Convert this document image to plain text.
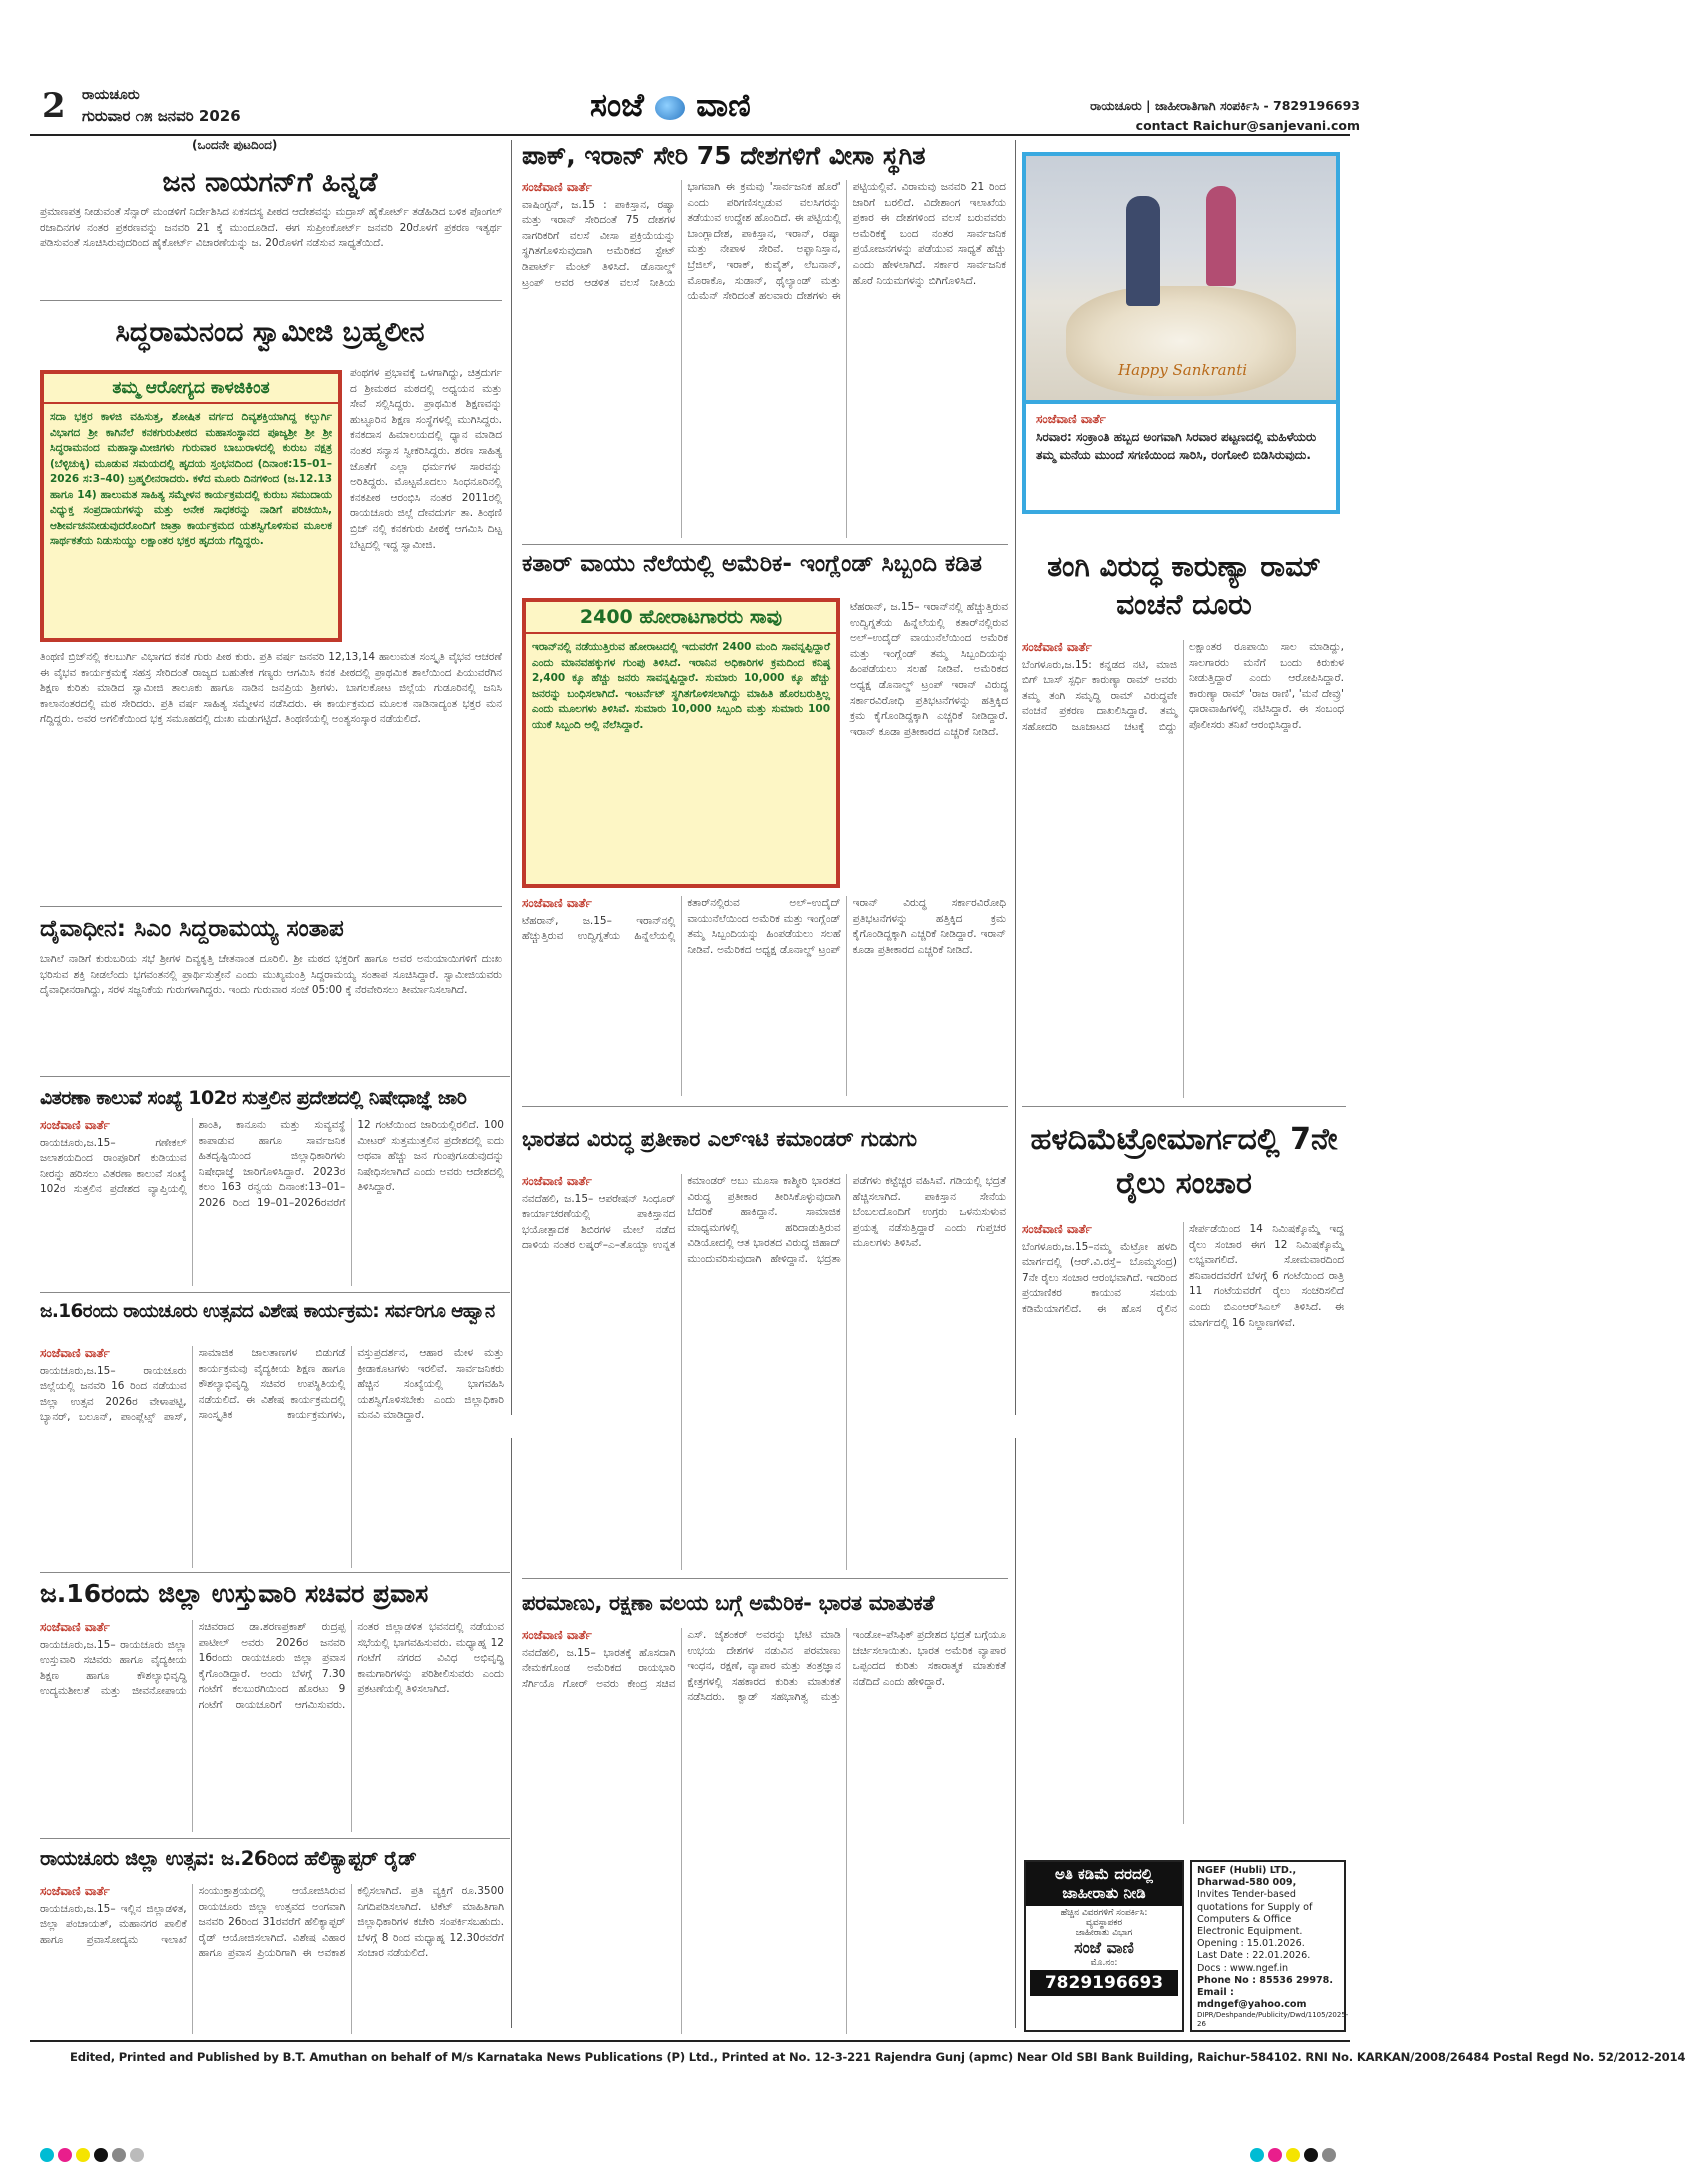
2 ರಾಯಚೂರು
ಗುರುವಾರ ೧೫ ಜನವರಿ 2026	ಸಂಜೆ ವಾಣಿ	ರಾಯಚೂರು | ಜಾಹೀರಾತಿಗಾಗಿ ಸಂಪರ್ಕಿಸಿ - 7829196693
contact Raichur@sanjevani.com
(ಒಂದನೇ ಪುಟದಿಂದ)
ಜನ ನಾಯಗನ್‌ಗೆ ಹಿನ್ನಡೆ
ಪ್ರಮಾಣಪತ್ರ ನೀಡುವಂತೆ ಸೆನ್ಸಾರ್ ಮಂಡಳಿಗೆ ನಿರ್ದೇಶಿಸಿದ ಏಕಸದಸ್ಯ ಪೀಠದ ಆದೇಶವನ್ನು ಮದ್ರಾಸ್ ಹೈಕೋರ್ಟ್ ತಡೆಹಿಡಿದ ಬಳಿಕ ಪೊಂಗಲ್ ರಜಾದಿನಗಳ ನಂತರ ಪ್ರಕರಣವನ್ನು ಜನವರಿ 21 ಕ್ಕೆ ಮುಂದೂಡಿದೆ. ಈಗ ಸುಪ್ರೀಂಕೋರ್ಟ್ ಜನವರಿ 20ರೊಳಗೆ ಪ್ರಕರಣ ಇತ್ಯರ್ಥ ಪಡಿಸುವಂತೆ ಸೂಚಿಸಿರುವುದರಿಂದ ಹೈಕೋರ್ಟ್ ವಿಚಾರಣೆಯನ್ನು ಜ. 20ರೊಳಗೆ ನಡೆಸುವ ಸಾಧ್ಯತೆಯಿದೆ.
ಸಿದ್ಧರಾಮನಂದ ಸ್ವಾಮೀಜಿ ಬ್ರಹ್ಮಲೀನ
ತಮ್ಮ ಆರೋಗ್ಯದ ಕಾಳಜಿಕಿಂತ
ಸದಾ ಭಕ್ತರ ಕಾಳಜಿ ವಹಿಸುತ್ತ, ಶೋಷಿತ ವರ್ಗದ ದಿವ್ಯಶಕ್ತಿಯಾಗಿದ್ದ ಕಲ್ಬುರ್ಗಿ ವಿಭಾಗದ ಶ್ರೀ ಕಾಗಿನೆಲೆ ಕನಕಗುರುಪೀಠದ ಮಹಾಸಂಸ್ಥಾನದ ಪೂಜ್ಯಶ್ರೀ ಶ್ರೀ ಶ್ರೀ ಸಿದ್ಧರಾಮನಂದ ಮಹಾಸ್ವಾಮೀಜಿಗಳು ಗುರುವಾರ ಬಾಬುರಾಳದಲ್ಲಿ ಕುರುಬ ನಕ್ಷತ್ರ (ಬೆಳ್ಳಿಚುಕ್ಕಿ) ಮೂಡುವ ಸಮಯದಲ್ಲಿ ಹೃದಯ ಸ್ತಂಭನದಿಂದ (ದಿನಾಂಕ:15–01–2026 ಸ:3–40) ಬ್ರಹ್ಮಲೀನರಾದರು. ಕಳೆದ ಮೂರು ದಿನಗಳಿಂದ (ಜ.12.13 ಹಾಗೂ 14) ಹಾಲುಮತ ಸಾಹಿತ್ಯ ಸಮ್ಮೇಳನ ಕಾರ್ಯಕ್ರಮದಲ್ಲಿ ಕುರುಬ ಸಮುದಾಯ ವಿಧ್ಯುಕ್ತ ಸಂಪ್ರದಾಯಗಳನ್ನು ಮತ್ತು ಅನೇಕ ಸಾಧಕರನ್ನು ನಾಡಿಗೆ ಪರಿಚಯಿಸಿ, ಆಶೀರ್ವಚನನೀಡುವುದರೊಂದಿಗೆ ಜಾತ್ರಾ ಕಾರ್ಯಕ್ರಮದ ಯಶಸ್ವಿಗೊಳಿಸುವ ಮೂಲಕ ಸಾರ್ಥಕತೆಯ ನಿಡುಸುಯ್ದು ಲಕ್ಷಾಂತರ ಭಕ್ತರ ಹೃದಯ ಗೆದ್ದಿದ್ದರು.
ಪಂಥಗಳ ಪ್ರಭಾವಕ್ಕೆ ಒಳಗಾಗಿದ್ದು, ಚಿತ್ರದುರ್ಗ ದ ಶ್ರೀಮಠದ ಮಠದಲ್ಲಿ ಅಧ್ಯಯನ ಮತ್ತು ಸೇವೆ ಸಲ್ಲಿಸಿದ್ದರು. ಪ್ರಾಥಮಿಕ ಶಿಕ್ಷಣವನ್ನು ಹುಟ್ಟೂರಿನ ಶಿಕ್ಷಣ ಸಂಸ್ಥೆಗಳಲ್ಲಿ ಮುಗಿಸಿದ್ದರು. ಕನಕದಾಸ ಹಿಮಾಲಯದಲ್ಲಿ ಧ್ಯಾನ ಮಾಡಿದ ನಂತರ ಸನ್ಯಾಸ ಸ್ವೀಕರಿಸಿದ್ದರು. ಶರಣ ಸಾಹಿತ್ಯ ಜೊತೆಗೆ ಎಲ್ಲಾ ಧರ್ಮಗಳ ಸಾರವನ್ನು ಅರಿತಿದ್ದರು. ಮೊಟ್ಟಮೊದಲು ಸಿಂಧನೂರಿನಲ್ಲಿ ಕನಕಪೀಠ ಆರಂಭಿಸಿ ನಂತರ 2011ರಲ್ಲಿ ರಾಯಚೂರು ಜಿಲ್ಲೆ ದೇವದುರ್ಗ ತಾ. ತಿಂಥಣಿ ಬ್ರಿಜ್ ನಲ್ಲಿ ಕನಕಗುರು ಪೀಠಕ್ಕೆ ಆಗಮಿಸಿ ದಿಟ್ಟ ಬೆಟ್ಟದಲ್ಲಿ ಇದ್ದ ಸ್ವಾಮೀಜಿ.
ತಿಂಥಣಿ ಬ್ರಿಜ್‌ನಲ್ಲಿ ಕಲಬುರ್ಗಿ ವಿಭಾಗದ ಕನಕ ಗುರು ಪೀಠ ಕುರು. ಪ್ರತಿ ವರ್ಷ ಜನವರಿ 12,13,14 ಹಾಲುಮತ ಸಂಸ್ಕೃತಿ ವೈಭವ ಆಚರಣೆ ಈ ವೈಭವ ಕಾರ್ಯಕ್ರಮಕ್ಕೆ ಸಹಸ್ರ ಸೇರಿದಂತೆ ರಾಜ್ಯದ ಬಹುತೇಕ ಗಣ್ಯರು ಆಗಮಿಸಿ ಕನಕ ಪೀಠದಲ್ಲಿ ಪ್ರಾಥಮಿಕ ಶಾಲೆಯಿಂದ ಪಿಯುವರೆಗಿನ ಶಿಕ್ಷಣ ಕುರಿತು ಮಾಡಿದ ಸ್ವಾಮೀಜಿ ತಾಲೂಕು ಹಾಗೂ ನಾಡಿನ ಜನಪ್ರಿಯ ಶ್ರೀಗಳು. ಬಾಗಲಕೋಟ ಜಿಲ್ಲೆಯ ಗುಡೂರಿನಲ್ಲಿ ಜನಿಸಿ ಕಾಲಾನಂತರದಲ್ಲಿ ಮಠ ಸೇರಿದರು. ಪ್ರತಿ ವರ್ಷ ಸಾಹಿತ್ಯ ಸಮ್ಮೇಳನ ನಡೆಸಿದರು. ಈ ಕಾರ್ಯಕ್ರಮದ ಮೂಲಕ ನಾಡಿನಾದ್ಯಂತ ಭಕ್ತರ ಮನ ಗೆದ್ದಿದ್ದರು. ಅವರ ಅಗಲಿಕೆಯಿಂದ ಭಕ್ತ ಸಮೂಹದಲ್ಲಿ ದುಃಖ ಮಡುಗಟ್ಟಿದೆ. ತಿಂಥಣಿಯಲ್ಲಿ ಅಂತ್ಯಸಂಸ್ಕಾರ ನಡೆಯಲಿದೆ.
ದೈವಾಧೀನ: ಸಿಎಂ ಸಿದ್ದರಾಮಯ್ಯ ಸಂತಾಪ
ಬಾಗಿಲೆ ನಾಡಿಗೆ ಕುರುಬರಿಯ ಸಭೆ ಶ್ರೀಗಳ ದಿವ್ಯಕೃತ್ತಿ ಚೇತನಾಂತ ದೂರಿಲಿ. ಶ್ರೀ ಮಠದ ಭಕ್ತರಿಗೆ ಹಾಗೂ ಅವರ ಅನುಯಾಯಿಗಳಿಗೆ ದುಃಖ ಭರಿಸುವ ಶಕ್ತಿ ನೀಡಲೆಂದು ಭಗವಂತನಲ್ಲಿ ಪ್ರಾರ್ಥಿಸುತ್ತೇನೆ ಎಂದು ಮುಖ್ಯಮಂತ್ರಿ ಸಿದ್ದರಾಮಯ್ಯ ಸಂತಾಪ ಸೂಚಿಸಿದ್ದಾರೆ. ಸ್ವಾಮೀಜಿಯವರು ದೈವಾಧೀನರಾಗಿದ್ದು, ಸರಳ ಸಜ್ಜನಿಕೆಯ ಗುರುಗಳಾಗಿದ್ದರು. ಇಂದು ಗುರುವಾರ ಸಂಜೆ 05:00 ಕ್ಕೆ ನೆರವೇರಿಸಲು ತೀರ್ಮಾನಿಸಲಾಗಿದೆ.
ಪಾಕ್, ಇರಾನ್ ಸೇರಿ 75 ದೇಶಗಳಿಗೆ ವೀಸಾ ಸ್ಥಗಿತ
ಸಂಜೆವಾಣಿ ವಾರ್ತೆ
ವಾಷಿಂಗ್ಟನ್, ಜ.15 : ಪಾಕಿಸ್ತಾನ, ರಷ್ಯಾ ಮತ್ತು ಇರಾನ್ ಸೇರಿದಂತೆ 75 ದೇಶಗಳ ನಾಗರಿಕರಿಗೆ ವಲಸೆ ವೀಸಾ ಪ್ರಕ್ರಿಯೆಯನ್ನು ಸ್ಥಗಿತಗೊಳಿಸುವುದಾಗಿ ಅಮೆರಿಕದ ಸ್ಟೇಟ್ ಡಿಪಾರ್ಟ್ ಮೆಂಟ್ ತಿಳಿಸಿದೆ. ಡೊನಾಲ್ಡ್ ಟ್ರಂಪ್ ಅವರ ಆಡಳಿತ ವಲಸೆ ನೀತಿಯ ಭಾಗವಾಗಿ ಈ ಕ್ರಮವು 'ಸಾರ್ವಜನಿಕ ಹೊರೆ' ಎಂದು ಪರಿಗಣಿಸಲ್ಪಡುವ ವಲಸಿಗರನ್ನು ತಡೆಯುವ ಉದ್ದೇಶ ಹೊಂದಿದೆ. ಈ ಪಟ್ಟಿಯಲ್ಲಿ ಬಾಂಗ್ಲಾದೇಶ, ಪಾಕಿಸ್ತಾನ, ಇರಾನ್, ರಷ್ಯಾ ಮತ್ತು ನೇಪಾಳ ಸೇರಿವೆ. ಅಫ್ಘಾನಿಸ್ತಾನ, ಬ್ರೆಜಿಲ್, ಇರಾಕ್, ಕುವೈತ್, ಲೆಬನಾನ್, ಮೊರಾಕೊ, ಸುಡಾನ್, ಥೈಲ್ಯಾಂಡ್ ಮತ್ತು ಯೆಮೆನ್ ಸೇರಿದಂತೆ ಹಲವಾರು ದೇಶಗಳು ಈ ಪಟ್ಟಿಯಲ್ಲಿವೆ. ವಿರಾಮವು ಜನವರಿ 21 ರಿಂದ ಜಾರಿಗೆ ಬರಲಿದೆ. ವಿದೇಶಾಂಗ ಇಲಾಖೆಯ ಪ್ರಕಾರ ಈ ದೇಶಗಳಿಂದ ವಲಸೆ ಬರುವವರು ಅಮೆರಿಕಕ್ಕೆ ಬಂದ ನಂತರ ಸಾರ್ವಜನಿಕ ಪ್ರಯೋಜನಗಳನ್ನು ಪಡೆಯುವ ಸಾಧ್ಯತೆ ಹೆಚ್ಚು ಎಂದು ಹೇಳಲಾಗಿದೆ. ಸರ್ಕಾರ ಸಾರ್ವಜನಿಕ ಹೊರೆ ನಿಯಮಗಳನ್ನು ಬಿಗಿಗೊಳಿಸಿದೆ.
ಕತಾರ್ ವಾಯು ನೆಲೆಯಲ್ಲಿ ಅಮೆರಿಕ- ಇಂಗ್ಲೆಂಡ್ ಸಿಬ್ಬಂದಿ ಕಡಿತ
2400 ಹೋರಾಟಗಾರರು ಸಾವು
ಇರಾನ್‌ನಲ್ಲಿ ನಡೆಯುತ್ತಿರುವ ಹೋರಾಟದಲ್ಲಿ ಇದುವರೆಗೆ 2400 ಮಂದಿ ಸಾವನ್ನಪ್ಪಿದ್ದಾರೆ ಎಂದು ಮಾನವಹಕ್ಕುಗಳ ಗುಂಪು ತಿಳಿಸಿದೆ. ಇರಾನಿನ ಅಧಿಕಾರಿಗಳ ಕ್ರಮದಿಂದ ಕನಿಷ್ಠ 2,400 ಕ್ಕೂ ಹೆಚ್ಚು ಜನರು ಸಾವನ್ನಪ್ಪಿದ್ದಾರೆ. ಸುಮಾರು 10,000 ಕ್ಕೂ ಹೆಚ್ಚು ಜನರನ್ನು ಬಂಧಿಸಲಾಗಿದೆ. ಇಂಟರ್ನೆಟ್ ಸ್ಥಗಿತಗೊಳಿಸಲಾಗಿದ್ದು ಮಾಹಿತಿ ಹೊರಬರುತ್ತಿಲ್ಲ ಎಂದು ಮೂಲಗಳು ತಿಳಿಸಿವೆ. ಸುಮಾರು 10,000 ಸಿಬ್ಬಂದಿ ಮತ್ತು ಸುಮಾರು 100 ಯುಕೆ ಸಿಬ್ಬಂದಿ ಅಲ್ಲಿ ನೆಲೆಸಿದ್ದಾರೆ.
ಟೆಹರಾನ್, ಜ.15– ಇರಾನ್‌ನಲ್ಲಿ ಹೆಚ್ಚುತ್ತಿರುವ ಉದ್ವಿಗ್ನತೆಯ ಹಿನ್ನೆಲೆಯಲ್ಲಿ ಕತಾರ್‌ನಲ್ಲಿರುವ ಅಲ್–ಉದೈದ್ ವಾಯುನೆಲೆಯಿಂದ ಅಮೆರಿಕ ಮತ್ತು ಇಂಗ್ಲೆಂಡ್ ತಮ್ಮ ಸಿಬ್ಬಂದಿಯನ್ನು ಹಿಂಪಡೆಯಲು ಸಲಹೆ ನೀಡಿವೆ. ಅಮೆರಿಕದ ಅಧ್ಯಕ್ಷ ಡೊನಾಲ್ಡ್ ಟ್ರಂಪ್ ಇರಾನ್ ವಿರುದ್ಧ ಸರ್ಕಾರವಿರೋಧಿ ಪ್ರತಿಭಟನೆಗಳನ್ನು ಹತ್ತಿಕ್ಕಿದ ಕ್ರಮ ಕೈಗೊಂಡಿದ್ದಕ್ಕಾಗಿ ಎಚ್ಚರಿಕೆ ನೀಡಿದ್ದಾರೆ. ಇರಾನ್ ಕೂಡಾ ಪ್ರತೀಕಾರದ ಎಚ್ಚರಿಕೆ ನೀಡಿದೆ.
ಸಂಜೆವಾಣಿ ವಾರ್ತೆ
ಟೆಹರಾನ್, ಜ.15– ಇರಾನ್‌ನಲ್ಲಿ ಹೆಚ್ಚುತ್ತಿರುವ ಉದ್ವಿಗ್ನತೆಯ ಹಿನ್ನೆಲೆಯಲ್ಲಿ ಕತಾರ್‌ನಲ್ಲಿರುವ ಅಲ್–ಉದೈದ್ ವಾಯುನೆಲೆಯಿಂದ ಅಮೆರಿಕ ಮತ್ತು ಇಂಗ್ಲೆಂಡ್ ತಮ್ಮ ಸಿಬ್ಬಂದಿಯನ್ನು ಹಿಂಪಡೆಯಲು ಸಲಹೆ ನೀಡಿವೆ. ಅಮೆರಿಕದ ಅಧ್ಯಕ್ಷ ಡೊನಾಲ್ಡ್ ಟ್ರಂಪ್ ಇರಾನ್ ವಿರುದ್ಧ ಸರ್ಕಾರವಿರೋಧಿ ಪ್ರತಿಭಟನೆಗಳನ್ನು ಹತ್ತಿಕ್ಕಿದ ಕ್ರಮ ಕೈಗೊಂಡಿದ್ದಕ್ಕಾಗಿ ಎಚ್ಚರಿಕೆ ನೀಡಿದ್ದಾರೆ. ಇರಾನ್ ಕೂಡಾ ಪ್ರತೀಕಾರದ ಎಚ್ಚರಿಕೆ ನೀಡಿದೆ.
Happy Sankranti
ಸಂಜೆವಾಣಿ ವಾರ್ತೆ
ಸಿರವಾರ: ಸಂಕ್ರಾಂತಿ ಹಬ್ಬದ ಅಂಗವಾಗಿ ಸಿರವಾರ ಪಟ್ಟಣದಲ್ಲಿ ಮಹಿಳೆಯರು ತಮ್ಮ ಮನೆಯ ಮುಂದೆ ಸಗಣಿಯಿಂದ ಸಾರಿಸಿ, ರಂಗೋಲಿ ಬಿಡಿಸಿರುವುದು.
ತಂಗಿ ವಿರುದ್ಧ ಕಾರುಣ್ಯಾ ರಾಮ್ ವಂಚನೆ ದೂರು
ಸಂಜೆವಾಣಿ ವಾರ್ತೆ
ಬೆಂಗಳೂರು,ಜ.15: ಕನ್ನಡದ ನಟಿ, ಮಾಜಿ ಬಿಗ್ ಬಾಸ್ ಸ್ಪರ್ಧಿ ಕಾರುಣ್ಯಾ ರಾಮ್ ಅವರು ತಮ್ಮ ತಂಗಿ ಸಮೃದ್ಧಿ ರಾಮ್ ವಿರುದ್ಧವೇ ವಂಚನೆ ಪ್ರಕರಣ ದಾಖಲಿಸಿದ್ದಾರೆ. ತಮ್ಮ ಸಹೋದರಿ ಜೂಜಾಟದ ಚಟಕ್ಕೆ ಬಿದ್ದು ಲಕ್ಷಾಂತರ ರೂಪಾಯಿ ಸಾಲ ಮಾಡಿದ್ದು, ಸಾಲಗಾರರು ಮನೆಗೆ ಬಂದು ಕಿರುಕುಳ ನೀಡುತ್ತಿದ್ದಾರೆ ಎಂದು ಆರೋಪಿಸಿದ್ದಾರೆ. ಕಾರುಣ್ಯಾ ರಾಮ್ 'ರಾಜ ರಾಣಿ', 'ಮನೆ ದೇವ್ರು' ಧಾರಾವಾಹಿಗಳಲ್ಲಿ ನಟಿಸಿದ್ದಾರೆ. ಈ ಸಂಬಂಧ ಪೊಲೀಸರು ತನಿಖೆ ಆರಂಭಿಸಿದ್ದಾರೆ.
ವಿತರಣಾ ಕಾಲುವೆ ಸಂಖ್ಯೆ 102ರ ಸುತ್ತಲಿನ ಪ್ರದೇಶದಲ್ಲಿ ನಿಷೇಧಾಜ್ಞೆ ಜಾರಿ
ಸಂಜೆವಾಣಿ ವಾರ್ತೆ
ರಾಯಚೂರು,ಜ.15– ಗಣೇಕಲ್ ಜಲಾಶಯದಿಂದ ರಾಂಪೂರಿಗೆ ಕುಡಿಯುವ ನೀರನ್ನು ಹರಿಸಲು ವಿತರಣಾ ಕಾಲುವೆ ಸಂಖ್ಯೆ 102ರ ಸುತ್ತಲಿನ ಪ್ರದೇಶದ ವ್ಯಾಪ್ತಿಯಲ್ಲಿ ಶಾಂತಿ, ಕಾನೂನು ಮತ್ತು ಸುವ್ಯವಸ್ಥೆ ಕಾಪಾಡುವ ಹಾಗೂ ಸಾರ್ವಜನಿಕ ಹಿತದೃಷ್ಟಿಯಿಂದ ಜಿಲ್ಲಾಧಿಕಾರಿಗಳು ನಿಷೇಧಾಜ್ಞೆ ಜಾರಿಗೊಳಿಸಿದ್ದಾರೆ. 2023ರ ಕಲಂ 163 ರನ್ವಯ ದಿನಾಂಕ:13–01–2026 ರಿಂದ 19–01–2026ರವರೆಗೆ 12 ಗಂಟೆಯಿಂದ ಜಾರಿಯಲ್ಲಿರಲಿದೆ. 100 ಮೀಟರ್ ಸುತ್ತಮುತ್ತಲಿನ ಪ್ರದೇಶದಲ್ಲಿ ಐದು ಅಥವಾ ಹೆಚ್ಚು ಜನ ಗುಂಪುಗೂಡುವುದನ್ನು ನಿಷೇಧಿಸಲಾಗಿದೆ ಎಂದು ಅವರು ಆದೇಶದಲ್ಲಿ ತಿಳಿಸಿದ್ದಾರೆ.
ಜ.16ರಂದು ರಾಯಚೂರು ಉತ್ಸವದ ವಿಶೇಷ ಕಾರ್ಯಕ್ರಮ: ಸರ್ವರಿಗೂ ಆಹ್ವಾನ
ಸಂಜೆವಾಣಿ ವಾರ್ತೆ
ರಾಯಚೂರು,ಜ.15– ರಾಯಚೂರು ಜಿಲ್ಲೆಯಲ್ಲಿ ಜನವರಿ 16 ರಿಂದ ನಡೆಯುವ ಜಿಲ್ಲಾ ಉತ್ಸವ 2026ರ ವೇಳಾಪಟ್ಟಿ, ಬ್ಯಾನರ್, ಬಲೂನ್, ಪಾಂಪ್ಲೆಟ್ಸ್ ಪಾಸ್, ಸಾಮಾಜಿಕ ಜಾಲತಾಣಗಳ ಬಿಡುಗಡೆ ಕಾರ್ಯಕ್ರಮವು ವೈದ್ಯಕೀಯ ಶಿಕ್ಷಣ ಹಾಗೂ ಕೌಶಲ್ಯಾಭಿವೃದ್ಧಿ ಸಚಿವರ ಉಪಸ್ಥಿತಿಯಲ್ಲಿ ನಡೆಯಲಿದೆ. ಈ ವಿಶೇಷ ಕಾರ್ಯಕ್ರಮದಲ್ಲಿ ಸಾಂಸ್ಕೃತಿಕ ಕಾರ್ಯಕ್ರಮಗಳು, ವಸ್ತುಪ್ರದರ್ಶನ, ಆಹಾರ ಮೇಳ ಮತ್ತು ಕ್ರೀಡಾಕೂಟಗಳು ಇರಲಿವೆ. ಸಾರ್ವಜನಿಕರು ಹೆಚ್ಚಿನ ಸಂಖ್ಯೆಯಲ್ಲಿ ಭಾಗವಹಿಸಿ ಯಶಸ್ವಿಗೊಳಿಸಬೇಕು ಎಂದು ಜಿಲ್ಲಾಧಿಕಾರಿ ಮನವಿ ಮಾಡಿದ್ದಾರೆ.
ಜ.16ರಂದು ಜಿಲ್ಲಾ ಉಸ್ತುವಾರಿ ಸಚಿವರ ಪ್ರವಾಸ
ಸಂಜೆವಾಣಿ ವಾರ್ತೆ
ರಾಯಚೂರು,ಜ.15– ರಾಯಚೂರು ಜಿಲ್ಲಾ ಉಸ್ತುವಾರಿ ಸಚಿವರು ಹಾಗೂ ವೈದ್ಯಕೀಯ ಶಿಕ್ಷಣ ಹಾಗೂ ಕೌಶಲ್ಯಾಭಿವೃದ್ಧಿ ಉದ್ಯಮಶೀಲತೆ ಮತ್ತು ಜೀವನೋಪಾಯ ಸಚಿವರಾದ ಡಾ.ಶರಣಪ್ರಕಾಶ್ ರುದ್ರಪ್ಪ ಪಾಟೀಲ್ ಅವರು 2026ರ ಜನವರಿ 16ರಂದು ರಾಯಚೂರು ಜಿಲ್ಲಾ ಪ್ರವಾಸ ಕೈಗೊಂಡಿದ್ದಾರೆ. ಅಂದು ಬೆಳಗ್ಗೆ 7.30 ಗಂಟೆಗೆ ಕಲಬುರಗಿಯಿಂದ ಹೊರಟು 9 ಗಂಟೆಗೆ ರಾಯಚೂರಿಗೆ ಆಗಮಿಸುವರು. ನಂತರ ಜಿಲ್ಲಾಡಳಿತ ಭವನದಲ್ಲಿ ನಡೆಯುವ ಸಭೆಯಲ್ಲಿ ಭಾಗವಹಿಸುವರು. ಮಧ್ಯಾಹ್ನ 12 ಗಂಟೆಗೆ ನಗರದ ವಿವಿಧ ಅಭಿವೃದ್ಧಿ ಕಾಮಗಾರಿಗಳನ್ನು ಪರಿಶೀಲಿಸುವರು ಎಂದು ಪ್ರಕಟಣೆಯಲ್ಲಿ ತಿಳಿಸಲಾಗಿದೆ.
ರಾಯಚೂರು ಜಿಲ್ಲಾ ಉತ್ಸವ: ಜ.26ರಿಂದ ಹೆಲಿಕ್ಯಾಪ್ಟರ್ ರೈಡ್
ಸಂಜೆವಾಣಿ ವಾರ್ತೆ
ರಾಯಚೂರು,ಜ.15– ಇಲ್ಲಿನ ಜಿಲ್ಲಾಡಳಿತ, ಜಿಲ್ಲಾ ಪಂಚಾಯತ್, ಮಹಾನಗರ ಪಾಲಿಕೆ ಹಾಗೂ ಪ್ರವಾಸೋದ್ಯಮ ಇಲಾಖೆ ಸಂಯುಕ್ತಾಶ್ರಯದಲ್ಲಿ ಆಯೋಜಿಸಿರುವ ರಾಯಚೂರು ಜಿಲ್ಲಾ ಉತ್ಸವದ ಅಂಗವಾಗಿ ಜನವರಿ 26ರಿಂದ 31ರವರೆಗೆ ಹೆಲಿಕ್ಯಾಪ್ಟರ್ ರೈಡ್ ಆಯೋಜಿಸಲಾಗಿದೆ. ವಿಶೇಷ ವಿಹಾರ ಹಾಗೂ ಪ್ರವಾಸ ಪ್ರಿಯರಿಗಾಗಿ ಈ ಅವಕಾಶ ಕಲ್ಪಿಸಲಾಗಿದೆ. ಪ್ರತಿ ವ್ಯಕ್ತಿಗೆ ರೂ.3500 ನಿಗದಿಪಡಿಸಲಾಗಿದೆ. ಟಿಕೆಟ್ ಮಾಹಿತಿಗಾಗಿ ಜಿಲ್ಲಾಧಿಕಾರಿಗಳ ಕಚೇರಿ ಸಂಪರ್ಕಿಸಬಹುದು. ಬೆಳಗ್ಗೆ 8 ರಿಂದ ಮಧ್ಯಾಹ್ನ 12.30ರವರೆಗೆ ಸಂಚಾರ ನಡೆಯಲಿದೆ.
ಭಾರತದ ವಿರುದ್ಧ ಪ್ರತೀಕಾರ ಎಲ್‌ಇಟಿ ಕಮಾಂಡರ್ ಗುಡುಗು
ಸಂಜೆವಾಣಿ ವಾರ್ತೆ
ನವದೆಹಲಿ, ಜ.15– ಆಪರೇಷನ್ ಸಿಂಧೂರ್ ಕಾರ್ಯಾಚರಣೆಯಲ್ಲಿ ಪಾಕಿಸ್ತಾನದ ಭಯೋತ್ಪಾದಕ ಶಿಬಿರಗಳ ಮೇಲೆ ನಡೆದ ದಾಳಿಯ ನಂತರ ಲಷ್ಕರ್–ಎ–ತೊಯ್ಬಾ ಉನ್ನತ ಕಮಾಂಡರ್ ಅಬು ಮೂಸಾ ಕಾಶ್ಮೀರಿ ಭಾರತದ ವಿರುದ್ಧ ಪ್ರತೀಕಾರ ತೀರಿಸಿಕೊಳ್ಳುವುದಾಗಿ ಬೆದರಿಕೆ ಹಾಕಿದ್ದಾನೆ. ಸಾಮಾಜಿಕ ಮಾಧ್ಯಮಗಳಲ್ಲಿ ಹರಿದಾಡುತ್ತಿರುವ ವಿಡಿಯೋದಲ್ಲಿ ಆತ ಭಾರತದ ವಿರುದ್ಧ ಜಿಹಾದ್ ಮುಂದುವರಿಸುವುದಾಗಿ ಹೇಳಿದ್ದಾನೆ. ಭದ್ರತಾ ಪಡೆಗಳು ಕಟ್ಟೆಚ್ಚರ ವಹಿಸಿವೆ. ಗಡಿಯಲ್ಲಿ ಭದ್ರತೆ ಹೆಚ್ಚಿಸಲಾಗಿದೆ. ಪಾಕಿಸ್ತಾನ ಸೇನೆಯ ಬೆಂಬಲದೊಂದಿಗೆ ಉಗ್ರರು ಒಳನುಸುಳುವ ಪ್ರಯತ್ನ ನಡೆಸುತ್ತಿದ್ದಾರೆ ಎಂದು ಗುಪ್ತಚರ ಮೂಲಗಳು ತಿಳಿಸಿವೆ.
ಪರಮಾಣು, ರಕ್ಷಣಾ ವಲಯ ಬಗ್ಗೆ ಅಮೆರಿಕ- ಭಾರತ ಮಾತುಕತೆ
ಸಂಜೆವಾಣಿ ವಾರ್ತೆ
ನವದೆಹಲಿ, ಜ.15– ಭಾರತಕ್ಕೆ ಹೊಸದಾಗಿ ನೇಮಕಗೊಂಡ ಅಮೆರಿಕದ ರಾಯಭಾರಿ ಸೆರ್ಗಿಯೊ ಗೋರ್ ಅವರು ಕೇಂದ್ರ ಸಚಿವ ಎಸ್. ಜೈಶಂಕರ್ ಅವರನ್ನು ಭೇಟಿ ಮಾಡಿ ಉಭಯ ದೇಶಗಳ ನಡುವಿನ ಪರಮಾಣು ಇಂಧನ, ರಕ್ಷಣೆ, ವ್ಯಾಪಾರ ಮತ್ತು ತಂತ್ರಜ್ಞಾನ ಕ್ಷೇತ್ರಗಳಲ್ಲಿ ಸಹಕಾರದ ಕುರಿತು ಮಾತುಕತೆ ನಡೆಸಿದರು. ಕ್ವಾಡ್ ಸಹಭಾಗಿತ್ವ ಮತ್ತು ಇಂಡೋ–ಪೆಸಿಫಿಕ್ ಪ್ರದೇಶದ ಭದ್ರತೆ ಬಗ್ಗೆಯೂ ಚರ್ಚಿಸಲಾಯಿತು. ಭಾರತ ಅಮೆರಿಕ ವ್ಯಾಪಾರ ಒಪ್ಪಂದದ ಕುರಿತು ಸಕಾರಾತ್ಮಕ ಮಾತುಕತೆ ನಡೆದಿದೆ ಎಂದು ಹೇಳಿದ್ದಾರೆ.
ಹಳದಿಮೆಟ್ರೋಮಾರ್ಗದಲ್ಲಿ 7ನೇ ರೈಲು ಸಂಚಾರ
ಸಂಜೆವಾಣಿ ವಾರ್ತೆ
ಬೆಂಗಳೂರು,ಜ.15–ನಮ್ಮ ಮೆಟ್ರೋ ಹಳದಿ ಮಾರ್ಗದಲ್ಲಿ (ಆರ್.ವಿ.ರಸ್ತೆ– ಬೊಮ್ಮಸಂದ್ರ) 7ನೇ ರೈಲು ಸಂಚಾರ ಆರಂಭವಾಗಿದೆ. ಇದರಿಂದ ಪ್ರಯಾಣಿಕರ ಕಾಯುವ ಸಮಯ ಕಡಿಮೆಯಾಗಲಿದೆ. ಈ ಹೊಸ ರೈಲಿನ ಸೇರ್ಪಡೆಯಿಂದ 14 ನಿಮಿಷಕ್ಕೊಮ್ಮೆ ಇದ್ದ ರೈಲು ಸಂಚಾರ ಈಗ 12 ನಿಮಿಷಕ್ಕೊಮ್ಮೆ ಲಭ್ಯವಾಗಲಿದೆ. ಸೋಮವಾರದಿಂದ ಶನಿವಾರದವರೆಗೆ ಬೆಳಗ್ಗೆ 6 ಗಂಟೆಯಿಂದ ರಾತ್ರಿ 11 ಗಂಟೆಯವರೆಗೆ ರೈಲು ಸಂಚರಿಸಲಿದೆ ಎಂದು ಬಿಎಂಆರ್‌ಸಿಎಲ್ ತಿಳಿಸಿದೆ. ಈ ಮಾರ್ಗದಲ್ಲಿ 16 ನಿಲ್ದಾಣಗಳಿವೆ.
ಅತಿ ಕಡಿಮೆ ದರದಲ್ಲಿ ಜಾಹೀರಾತು ನೀಡಿ
ಹೆಚ್ಚಿನ ವಿವರಗಳಿಗೆ ಸಂಪರ್ಕಿಸಿ:
ವ್ಯವಸ್ಥಾಪಕರ
ಜಾಹೀರಾತು ವಿಭಾಗ
ಸಂಜೆ ವಾಣಿ
ಮೊ.ನಂ:
7829196693
NGEF (Hubli) LTD.,
Dharwad-580 009,
Invites Tender-based quotations for Supply of Computers & Office Electronic Equipment.
Opening : 15.01.2026.
Last Date : 22.01.2026.
Docs : www.ngef.in
Phone No : 85536 29978.
Email : mdngef@yahoo.com
DIPR/Deshpande/Publicity/Dwd/1105/2025-26
Edited, Printed and Published by B.T. Amuthan on behalf of M/s Karnataka News Publications (P) Ltd., Printed at No. 12-3-221 Rajendra Gunj (apmc) Near Old SBI Bank Building, Raichur-584102. RNI No. KARKAN/2008/26484 Postal Regd No. 52/2012-2014
